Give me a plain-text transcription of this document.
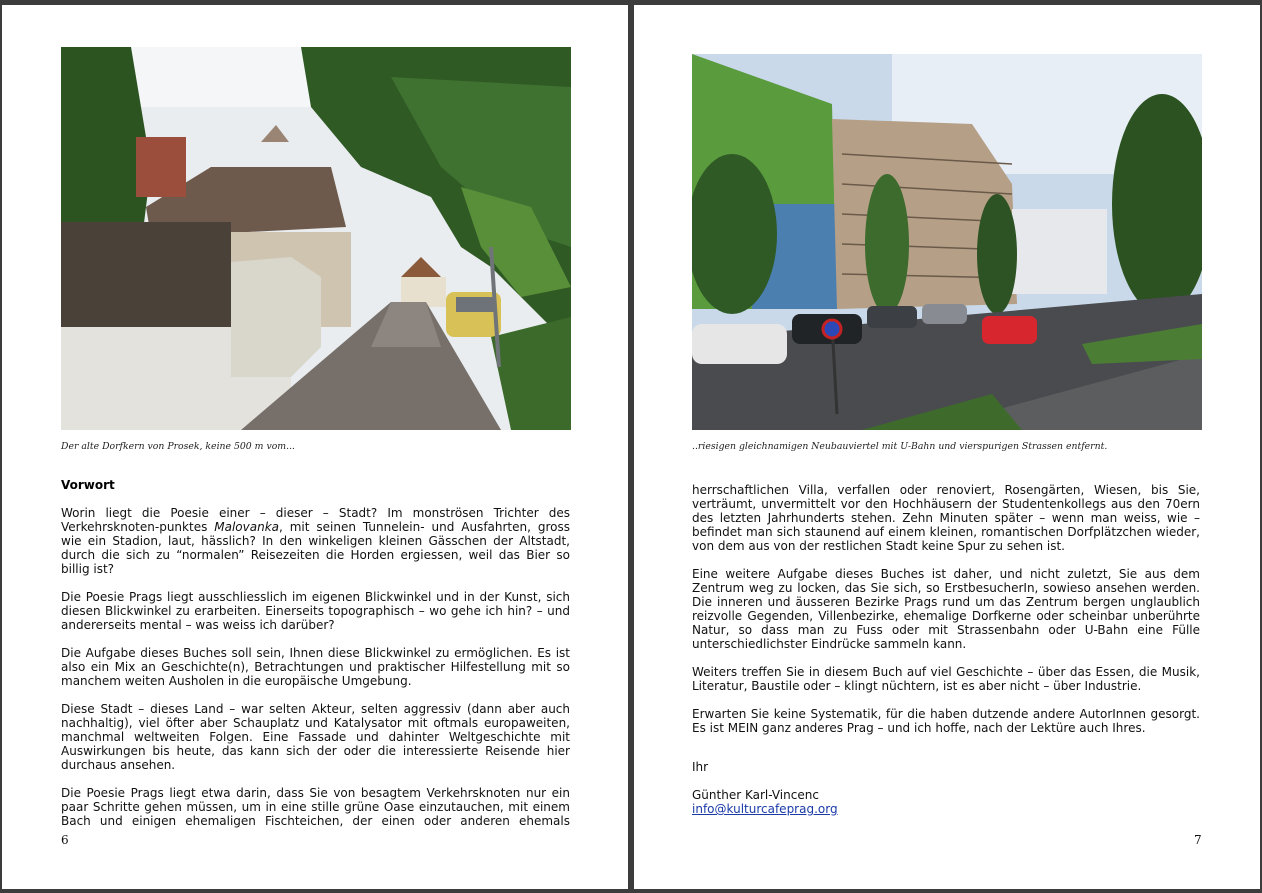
Der alte Dorfkern von Prosek, keine 500 m vom...
Vorwort

Worin liegt die Poesie einer – dieser – Stadt? Im monströsen Trichter des Verkehrsknoten-punktes Malovanka, mit seinen Tunnelein- und Ausfahrten, gross wie ein Stadion, laut, hässlich? In den winkeligen kleinen Gässchen der Altstadt, durch die sich zu “normalen” Reisezeiten die Horden ergiessen, weil das Bier so billig ist?

Die Poesie Prags liegt ausschliesslich im eigenen Blickwinkel und in der Kunst, sich diesen Blickwinkel zu erarbeiten. Einerseits topographisch – wo gehe ich hin? – und andererseits mental – was weiss ich darüber?

Die Aufgabe dieses Buches soll sein, Ihnen diese Blickwinkel zu ermöglichen. Es ist also ein Mix an Geschichte(n), Betrachtungen und praktischer Hilfestellung mit so manchem weiten Ausholen in die europäische Umgebung.

Diese Stadt – dieses Land – war selten Akteur, selten aggressiv (dann aber auch nachhaltig), viel öfter aber Schauplatz und Katalysator mit oftmals europaweiten, manchmal weltweiten Folgen. Eine Fassade und dahinter Weltgeschichte mit Auswirkungen bis heute, das kann sich der oder die interessierte Reisende hier durchaus ansehen.

Die Poesie Prags liegt etwa darin, dass Sie von besagtem Verkehrsknoten nur ein paar Schritte gehen müssen, um in eine stille grüne Oase einzutauchen, mit einem Bach und einigen ehemaligen Fischteichen, der einen oder anderen ehemals

6
..riesigen gleichnamigen Neubauviertel mit U-Bahn und vierspurigen Strassen entfernt.

herrschaftlichen Villa, verfallen oder renoviert, Rosengärten, Wiesen, bis Sie, verträumt, unvermittelt vor den Hochhäusern der Studentenkollegs aus den 70ern des letzten Jahrhunderts stehen. Zehn Minuten später – wenn man weiss, wie – befindet man sich staunend auf einem kleinen, romantischen Dorfplätzchen wieder, von dem aus von der restlichen Stadt keine Spur zu sehen ist.

Eine weitere Aufgabe dieses Buches ist daher, und nicht zuletzt, Sie aus dem Zentrum weg zu locken, das Sie sich, so ErstbesucherIn, sowieso ansehen werden. Die inneren und äusseren Bezirke Prags rund um das Zentrum bergen unglaublich reizvolle Gegenden, Villenbezirke, ehemalige Dorfkerne oder scheinbar unberührte Natur, so dass man zu Fuss oder mit Strassenbahn oder U-Bahn eine Fülle unterschiedlichster Eindrücke sammeln kann.

Weiters treffen Sie in diesem Buch auf viel Geschichte – über das Essen, die Musik, Literatur, Baustile oder – klingt nüchtern, ist es aber nicht – über Industrie.

Erwarten Sie keine Systematik, für die haben dutzende andere AutorInnen gesorgt. Es ist MEIN ganz anderes Prag – und ich hoffe, nach der Lektüre auch Ihres.

Ihr
Günther Karl-Vincenc
info@kulturcafeprag.org
7
